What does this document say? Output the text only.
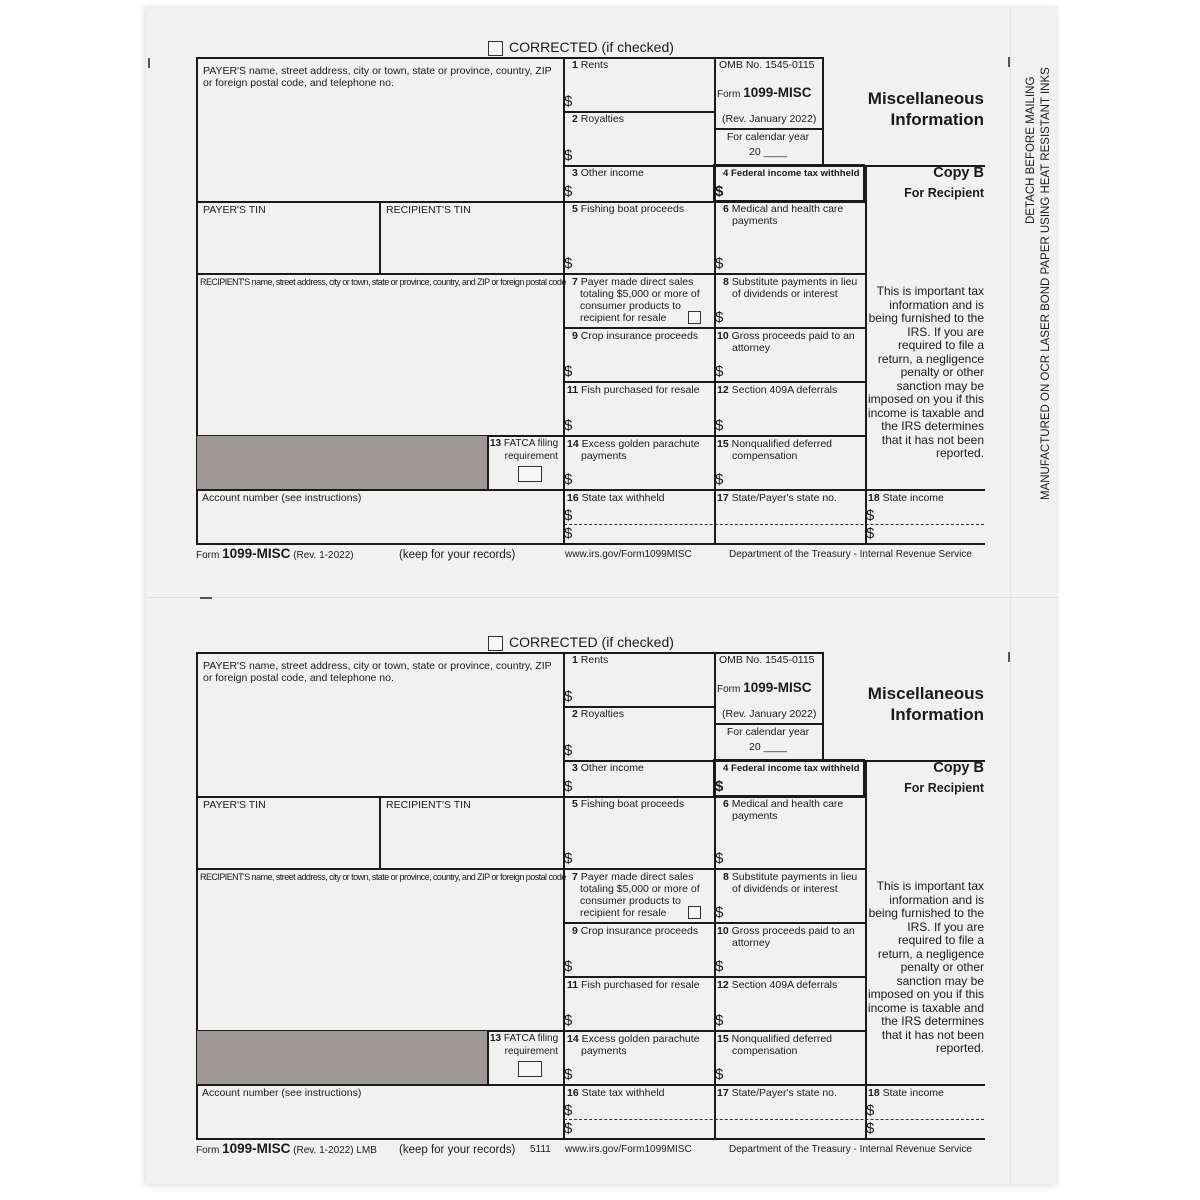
DETACH BEFORE MAILING MANUFACTURED ON OCR LASER BOND PAPER USING HEAT RESISTANT INKS
CORRECTED (if checked)
PAYER'S name, street address, city or town, state or province, country, ZIP
or foreign postal code, and telephone no.
PAYER'S TIN	RECIPIENT'S TIN
RECIPIENT'S name, street address, city or town, state or province, country, and ZIP or foreign postal code
13 FATCA filing
requirement
Account number (see instructions)
1 Rents
$
2 Royalties
$
3 Other income
$
5 Fishing boat proceeds
$
7 Payer made direct sales
totaling $5,000 or more of
consumer products to
recipient for resale
9 Crop insurance proceeds
$
11 Fish purchased for resale
$
14 Excess golden parachute
payments
$
16 State tax withheld
$
$
OMB No. 1545-0115
Form 1099-MISC
(Rev. January 2022)
For calendar year
20 ____
4 Federal income tax withheld
$
6 Medical and health care
payments
$
8 Substitute payments in lieu
of dividends or interest
$
10 Gross proceeds paid to an
attorney
$
12 Section 409A deferrals
$
15 Nonqualified deferred
compensation
$
17 State/Payer's state no.
Miscellaneous
Information
Copy B
For Recipient
This is important tax information and is being furnished to the IRS. If you are required to file a return, a negligence penalty or other sanction may be imposed on you if this income is taxable and the IRS determines that it has not been reported.
18 State income
$
$
Form 1099-MISC (Rev. 1-2022)	(keep for your records)	www.irs.gov/Form1099MISC	Department of the Treasury - Internal Revenue Service
CORRECTED (if checked)
PAYER'S name, street address, city or town, state or province, country, ZIP
or foreign postal code, and telephone no.
PAYER'S TIN	RECIPIENT'S TIN
RECIPIENT'S name, street address, city or town, state or province, country, and ZIP or foreign postal code
13 FATCA filing
requirement
Account number (see instructions)
1 Rents
$
2 Royalties
$
3 Other income
$
5 Fishing boat proceeds
$
7 Payer made direct sales
totaling $5,000 or more of
consumer products to
recipient for resale
9 Crop insurance proceeds
$
11 Fish purchased for resale
$
14 Excess golden parachute
payments
$
16 State tax withheld
$
$
OMB No. 1545-0115
Form 1099-MISC
(Rev. January 2022)
For calendar year
20 ____
4 Federal income tax withheld
$
6 Medical and health care
payments
$
8 Substitute payments in lieu
of dividends or interest
$
10 Gross proceeds paid to an
attorney
$
12 Section 409A deferrals
$
15 Nonqualified deferred
compensation
$
17 State/Payer's state no.
Miscellaneous
Information
Copy B
For Recipient
This is important tax information and is being furnished to the IRS. If you are required to file a return, a negligence penalty or other sanction may be imposed on you if this income is taxable and the IRS determines that it has not been reported.
18 State income
$
$
Form 1099-MISC (Rev. 1-2022) LMB (keep for your records) 5111 www.irs.gov/Form1099MISC	Department of the Treasury - Internal Revenue Service
